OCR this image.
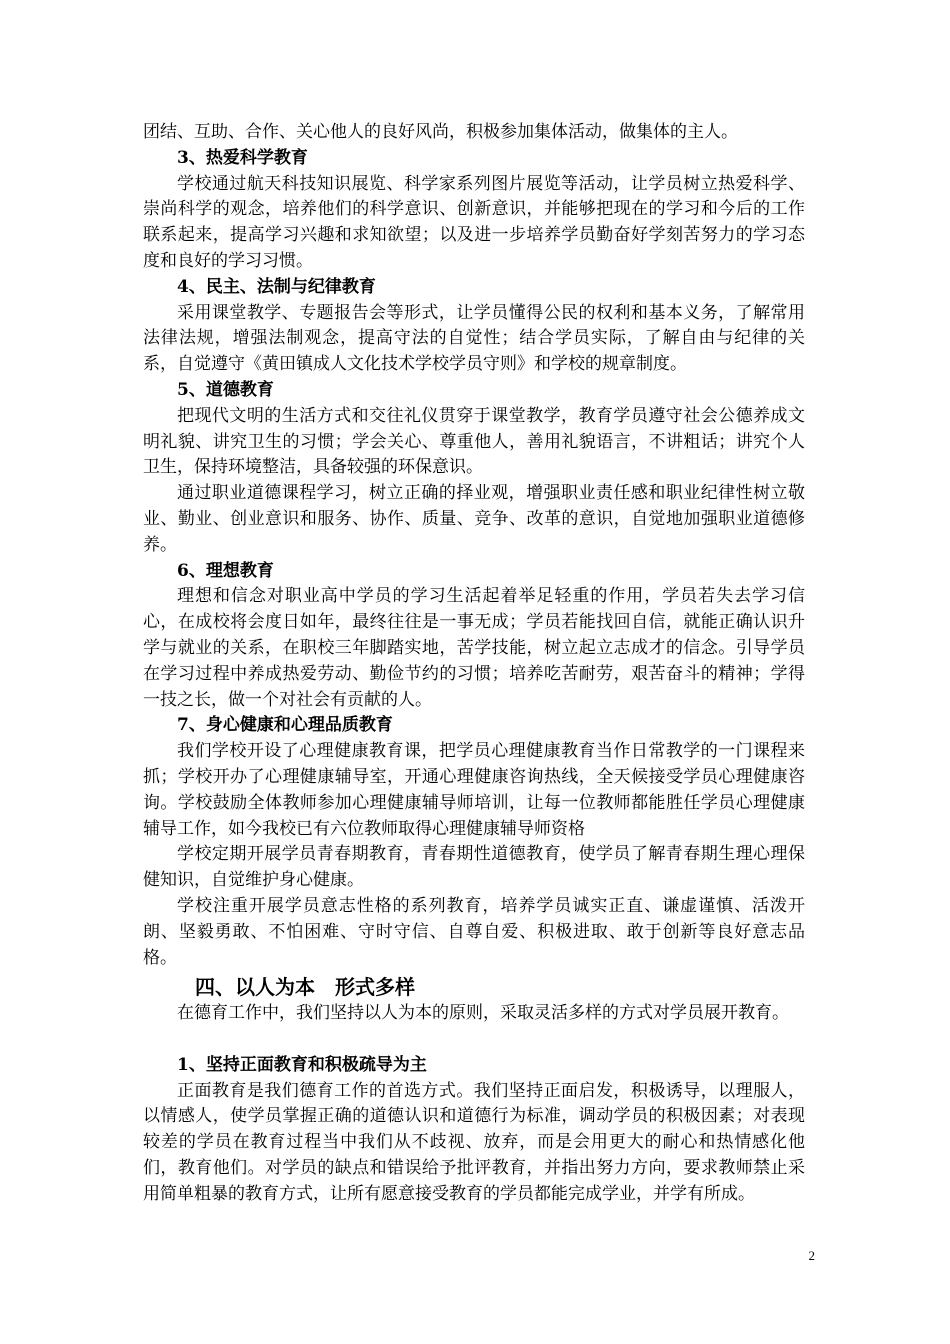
团结、互助、合作、关心他人的良好风尚，积极参加集体活动，做集体的主人。

3、热爱科学教育

学校通过航天科技知识展览、科学家系列图片展览等活动，让学员树立热爱科学、崇尚科学的观念，培养他们的科学意识、创新意识，并能够把现在的学习和今后的工作联系起来，提高学习兴趣和求知欲望；以及进一步培养学员勤奋好学刻苦努力的学习态度和良好的学习习惯。

4、民主、法制与纪律教育

采用课堂教学、专题报告会等形式，让学员懂得公民的权利和基本义务，了解常用法律法规，增强法制观念，提高守法的自觉性；结合学员实际，了解自由与纪律的关系，自觉遵守《黄田镇成人文化技术学校学员守则》和学校的规章制度。

5、道德教育

把现代文明的生活方式和交往礼仪贯穿于课堂教学，教育学员遵守社会公德养成文明礼貌、讲究卫生的习惯；学会关心、尊重他人，善用礼貌语言，不讲粗话；讲究个人卫生，保持环境整洁，具备较强的环保意识。

通过职业道德课程学习，树立正确的择业观，增强职业责任感和职业纪律性树立敬业、勤业、创业意识和服务、协作、质量、竞争、改革的意识，自觉地加强职业道德修养。

6、理想教育

理想和信念对职业高中学员的学习生活起着举足轻重的作用，学员若失去学习信心，在成校将会度日如年，最终往往是一事无成；学员若能找回自信，就能正确认识升学与就业的关系，在职校三年脚踏实地，苦学技能，树立起立志成才的信念。引导学员在学习过程中养成热爱劳动、勤俭节约的习惯；培养吃苦耐劳，艰苦奋斗的精神；学得一技之长，做一个对社会有贡献的人。

7、身心健康和心理品质教育

我们学校开设了心理健康教育课，把学员心理健康教育当作日常教学的一门课程来抓；学校开办了心理健康辅导室，开通心理健康咨询热线，全天候接受学员心理健康咨询。学校鼓励全体教师参加心理健康辅导师培训，让每一位教师都能胜任学员心理健康辅导工作，如今我校已有六位教师取得心理健康辅导师资格

学校定期开展学员青春期教育，青春期性道德教育，使学员了解青春期生理心理保健知识，自觉维护身心健康。

学校注重开展学员意志性格的系列教育，培养学员诚实正直、谦虚谨慎、活泼开朗、坚毅勇敢、不怕困难、守时守信、自尊自爱、积极进取、敢于创新等良好意志品格。

四、以人为本　形式多样

在德育工作中，我们坚持以人为本的原则，采取灵活多样的方式对学员展开教育。

1、坚持正面教育和积极疏导为主

正面教育是我们德育工作的首选方式。我们坚持正面启发，积极诱导，以理服人，以情感人，使学员掌握正确的道德认识和道德行为标准，调动学员的积极因素；对表现较差的学员在教育过程当中我们从不歧视、放弃，而是会用更大的耐心和热情感化他们，教育他们。对学员的缺点和错误给予批评教育，并指出努力方向，要求教师禁止采用简单粗暴的教育方式，让所有愿意接受教育的学员都能完成学业，并学有所成。

2
